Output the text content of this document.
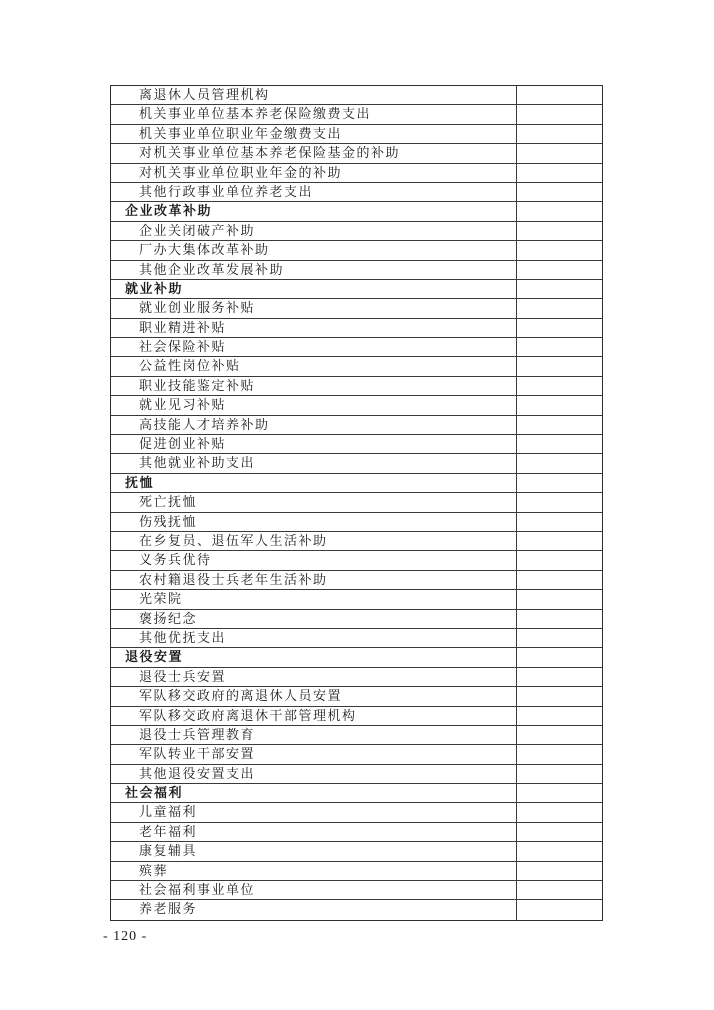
离退休人员管理机构
机关事业单位基本养老保险缴费支出
机关事业单位职业年金缴费支出
对机关事业单位基本养老保险基金的补助
对机关事业单位职业年金的补助
其他行政事业单位养老支出
企业改革补助
企业关闭破产补助
厂办大集体改革补助
其他企业改革发展补助
就业补助
就业创业服务补贴
职业精进补贴
社会保险补贴
公益性岗位补贴
职业技能鉴定补贴
就业见习补贴
高技能人才培养补助
促进创业补贴
其他就业补助支出
抚恤
死亡抚恤
伤残抚恤
在乡复员、退伍军人生活补助
义务兵优待
农村籍退役士兵老年生活补助
光荣院
褒扬纪念
其他优抚支出
退役安置
退役士兵安置
军队移交政府的离退休人员安置
军队移交政府离退休干部管理机构
退役士兵管理教育
军队转业干部安置
其他退役安置支出
社会福利
儿童福利
老年福利
康复辅具
殡葬
社会福利事业单位
养老服务
- 120 -
